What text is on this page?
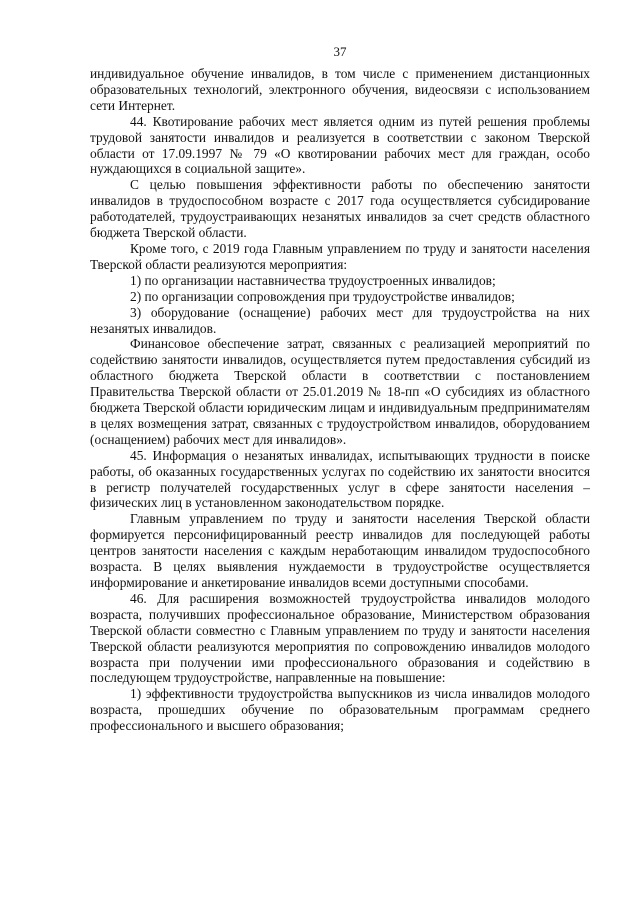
37

индивидуальное обучение инвалидов, в том числе с применением дистанционных образовательных технологий, электронного обучения, видеосвязи с использованием сети Интернет.

44. Квотирование рабочих мест является одним из путей решения проблемы трудовой занятости инвалидов и реализуется в соответствии с законом Тверской области от 17.09.1997 № 79 «О квотировании рабочих мест для граждан, особо нуждающихся в социальной защите».

С целью повышения эффективности работы по обеспечению занятости инвалидов в трудоспособном возрасте с 2017 года осуществляется субсидирование работодателей, трудоустраивающих незанятых инвалидов за счет средств областного бюджета Тверской области.

Кроме того, с 2019 года Главным управлением по труду и занятости населения Тверской области реализуются мероприятия:

1) по организации наставничества трудоустроенных инвалидов;

2) по организации сопровождения при трудоустройстве инвалидов;

3) оборудование (оснащение) рабочих мест для трудоустройства на них незанятых инвалидов.

Финансовое обеспечение затрат, связанных с реализацией мероприятий по содействию занятости инвалидов, осуществляется путем предоставления субсидий из областного бюджета Тверской области в соответствии с постановлением Правительства Тверской области от 25.01.2019 № 18-пп «О субсидиях из областного бюджета Тверской области юридическим лицам и индивидуальным предпринимателям в целях возмещения затрат, связанных с трудоустройством инвалидов, оборудованием (оснащением) рабочих мест для инвалидов».

45. Информация о незанятых инвалидах, испытывающих трудности в поиске работы, об оказанных государственных услугах по содействию их занятости вносится в регистр получателей государственных услуг в сфере занятости населения – физических лиц в установленном законодательством порядке.

Главным управлением по труду и занятости населения Тверской области формируется персонифицированный реестр инвалидов для последующей работы центров занятости населения с каждым неработающим инвалидом трудоспособного возраста. В целях выявления нуждаемости в трудоустройстве осуществляется информирование и анкетирование инвалидов всеми доступными способами.

46. Для расширения возможностей трудоустройства инвалидов молодого возраста, получивших профессиональное образование, Министерством образования Тверской области совместно с Главным управлением по труду и занятости населения Тверской области реализуются мероприятия по сопровождению инвалидов молодого возраста при получении ими профессионального образования и содействию в последующем трудоустройстве, направленные на повышение:

1) эффективности трудоустройства выпускников из числа инвалидов молодого возраста, прошедших обучение по образовательным программам среднего профессионального и высшего образования;
